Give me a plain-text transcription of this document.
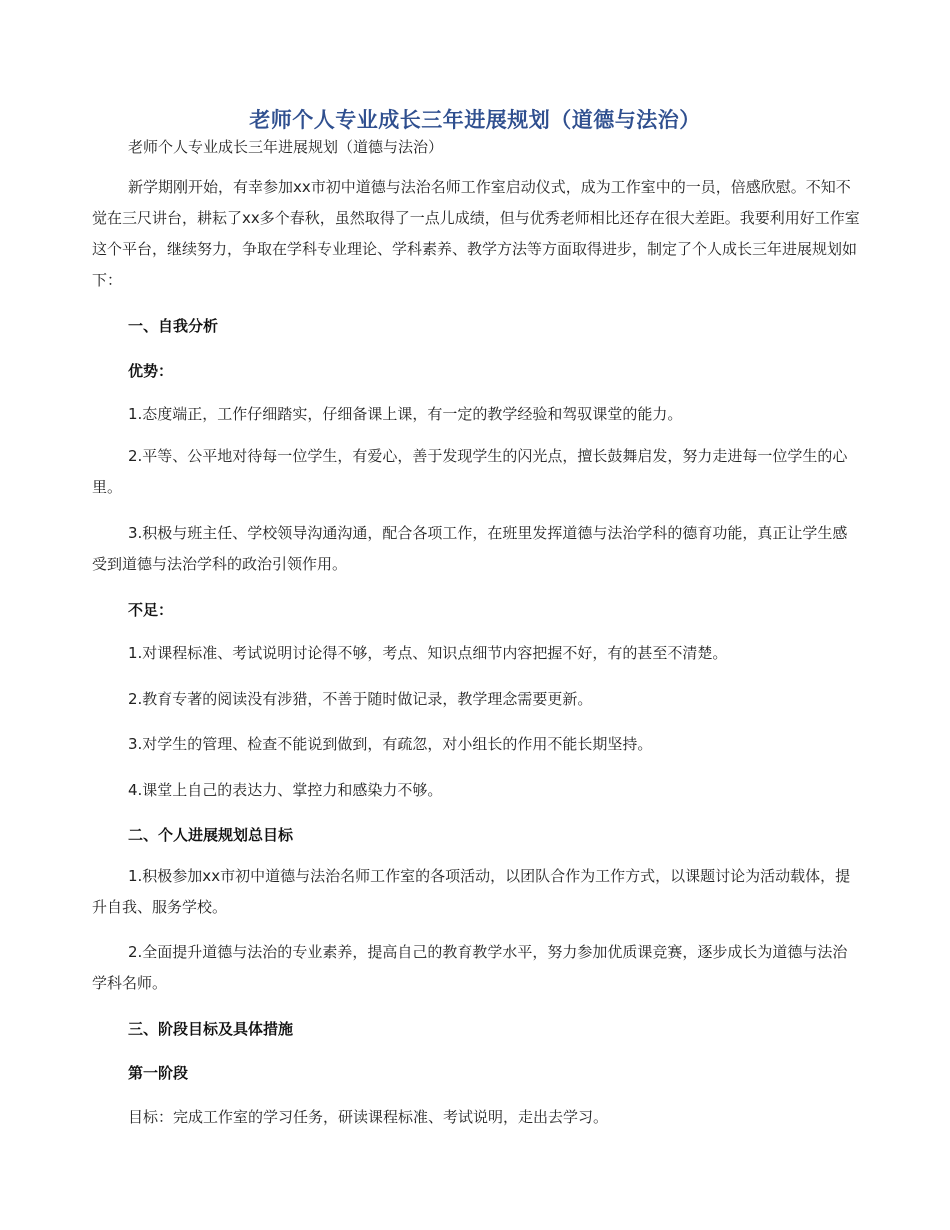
老师个人专业成长三年进展规划（道德与法治）
老师个人专业成长三年进展规划（道德与法治）

新学期刚开始，有幸参加xx市初中道德与法治名师工作室启动仪式，成为工作室中的一员，倍感欣慰。不知不觉在三尺讲台，耕耘了xx多个春秋，虽然取得了一点儿成绩，但与优秀老师相比还存在很大差距。我要利用好工作室这个平台，继续努力，争取在学科专业理论、学科素养、教学方法等方面取得进步，制定了个人成长三年进展规划如下：

一、自我分析

优势：

1.态度端正，工作仔细踏实，仔细备课上课，有一定的教学经验和驾驭课堂的能力。

2.平等、公平地对待每一位学生，有爱心，善于发现学生的闪光点，擅长鼓舞启发，努力走进每一位学生的心里。

3.积极与班主任、学校领导沟通沟通，配合各项工作，在班里发挥道德与法治学科的德育功能，真正让学生感受到道德与法治学科的政治引领作用。

不足：

1.对课程标准、考试说明讨论得不够，考点、知识点细节内容把握不好，有的甚至不清楚。

2.教育专著的阅读没有涉猎，不善于随时做记录，教学理念需要更新。

3.对学生的管理、检查不能说到做到，有疏忽，对小组长的作用不能长期坚持。

4.课堂上自己的表达力、掌控力和感染力不够。

二、个人进展规划总目标

1.积极参加xx市初中道德与法治名师工作室的各项活动，以团队合作为工作方式，以课题讨论为活动载体，提升自我、服务学校。

2.全面提升道德与法治的专业素养，提高自己的教育教学水平，努力参加优质课竞赛，逐步成长为道德与法治学科名师。

三、阶段目标及具体措施

第一阶段

目标：完成工作室的学习任务，研读课程标准、考试说明，走出去学习。
